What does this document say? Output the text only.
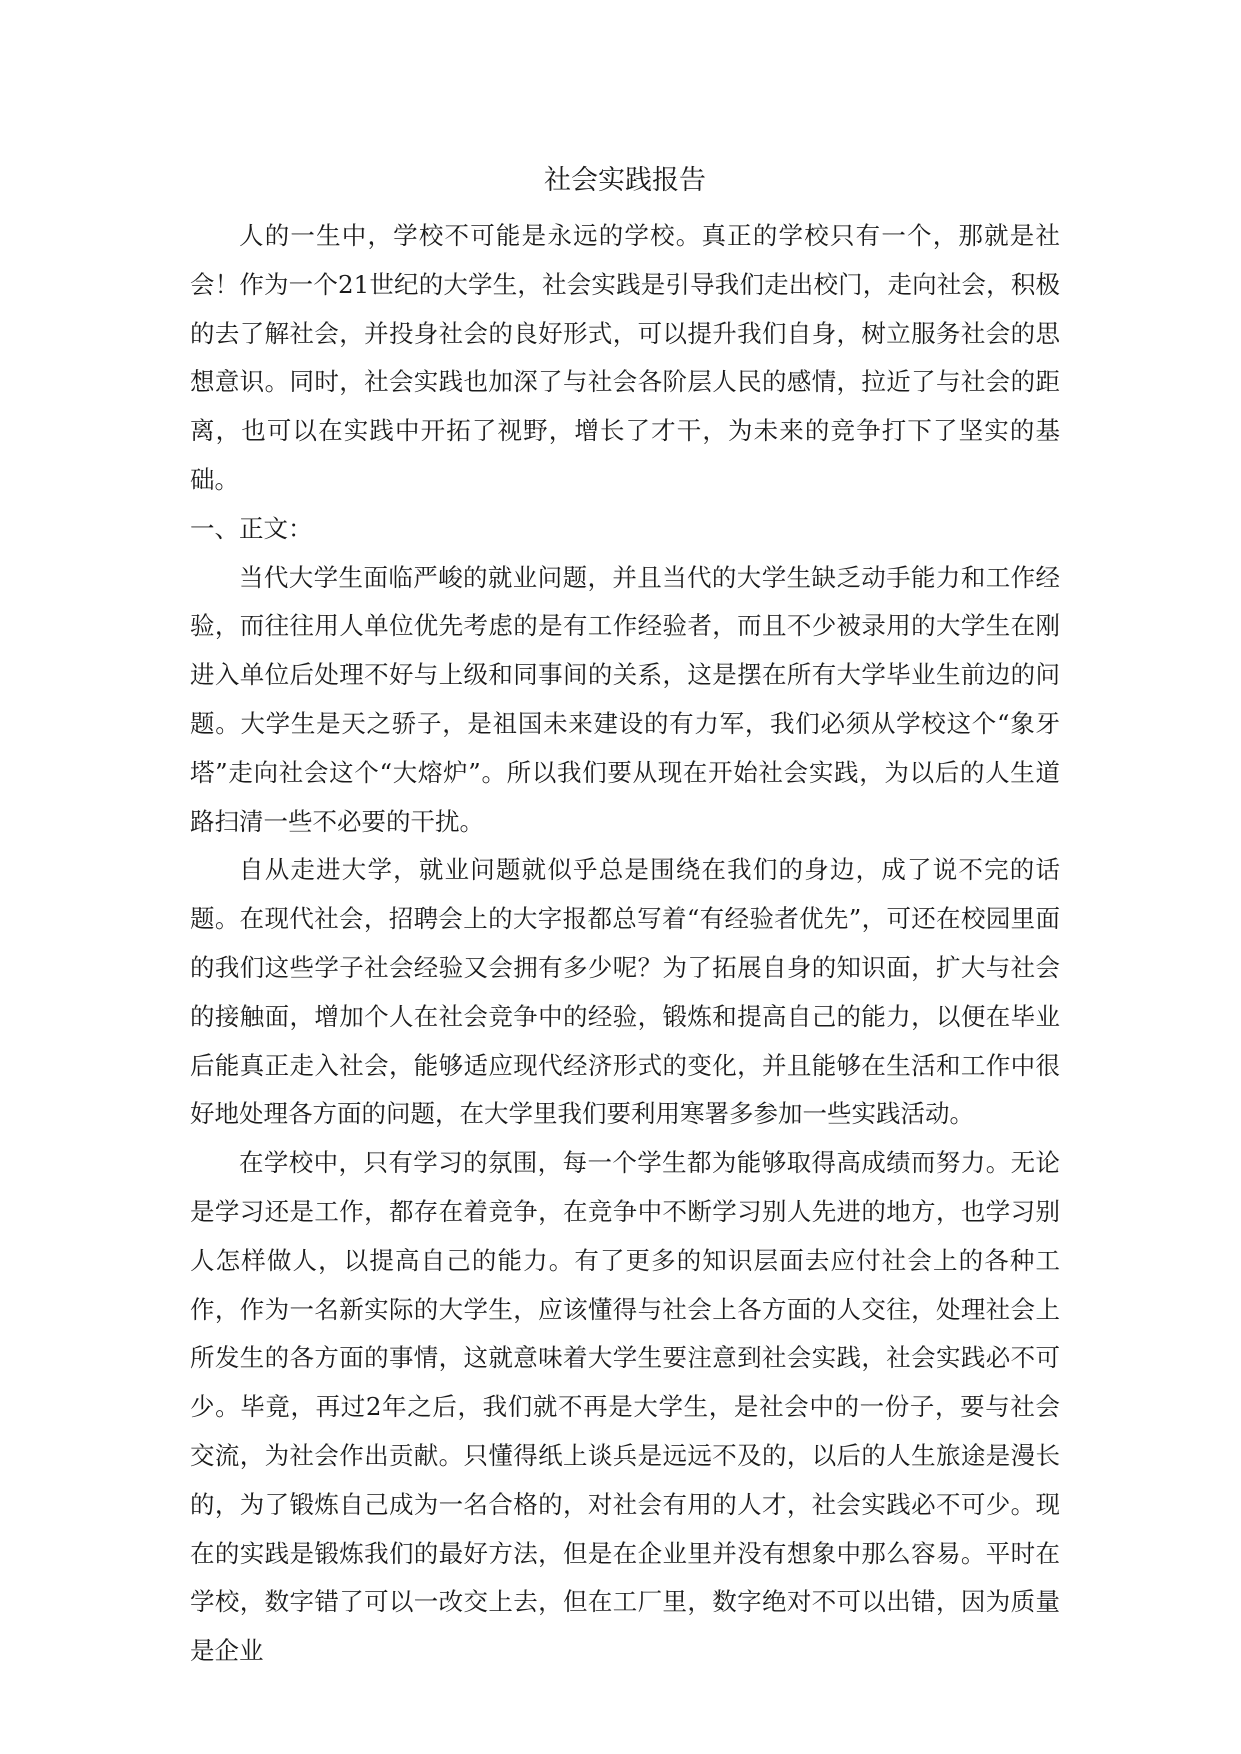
社会实践报告

人的一生中，学校不可能是永远的学校。真正的学校只有一个，那就是社会！作为一个21世纪的大学生，社会实践是引导我们走出校门，走向社会，积极的去了解社会，并投身社会的良好形式，可以提升我们自身，树立服务社会的思想意识。同时，社会实践也加深了与社会各阶层人民的感情，拉近了与社会的距离，也可以在实践中开拓了视野，增长了才干，为未来的竞争打下了坚实的基础。

一、正文：

当代大学生面临严峻的就业问题，并且当代的大学生缺乏动手能力和工作经验，而往往用人单位优先考虑的是有工作经验者，而且不少被录用的大学生在刚进入单位后处理不好与上级和同事间的关系，这是摆在所有大学毕业生前边的问题。大学生是天之骄子，是祖国未来建设的有力军，我们必须从学校这个“象牙塔”走向社会这个“大熔炉”。所以我们要从现在开始社会实践，为以后的人生道路扫清一些不必要的干扰。

自从走进大学，就业问题就似乎总是围绕在我们的身边，成了说不完的话题。在现代社会，招聘会上的大字报都总写着“有经验者优先”，可还在校园里面的我们这些学子社会经验又会拥有多少呢？为了拓展自身的知识面，扩大与社会的接触面，增加个人在社会竞争中的经验，锻炼和提高自己的能力，以便在毕业后能真正走入社会，能够适应现代经济形式的变化，并且能够在生活和工作中很好地处理各方面的问题，在大学里我们要利用寒署多参加一些实践活动。

在学校中，只有学习的氛围，每一个学生都为能够取得高成绩而努力。无论是学习还是工作，都存在着竞争，在竞争中不断学习别人先进的地方，也学习别人怎样做人，以提高自己的能力。有了更多的知识层面去应付社会上的各种工作，作为一名新实际的大学生，应该懂得与社会上各方面的人交往，处理社会上所发生的各方面的事情，这就意味着大学生要注意到社会实践，社会实践必不可少。毕竟，再过2年之后，我们就不再是大学生，是社会中的一份子，要与社会交流，为社会作出贡献。只懂得纸上谈兵是远远不及的，以后的人生旅途是漫长的，为了锻炼自己成为一名合格的，对社会有用的人才，社会实践必不可少。现在的实践是锻炼我们的最好方法，但是在企业里并没有想象中那么容易。平时在学校，数字错了可以一改交上去，但在工厂里，数字绝对不可以出错，因为质量是企业
